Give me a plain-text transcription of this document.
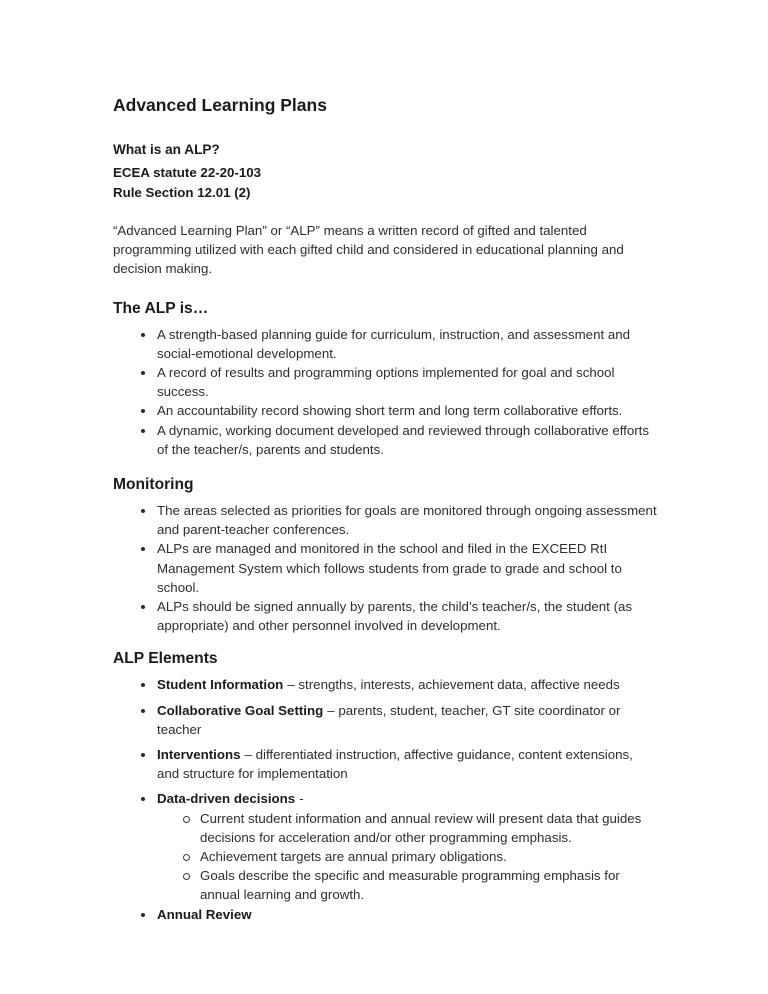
Advanced Learning Plans
What is an ALP?
ECEA statute 22-20-103
Rule Section 12.01 (2)

“Advanced Learning Plan” or “ALP” means a written record of gifted and talented programming utilized with each gifted child and considered in educational planning and decision making.

The ALP is…
A strength-based planning guide for curriculum, instruction, and assessment and social-emotional development.
A record of results and programming options implemented for goal and school success.
An accountability record showing short term and long term collaborative efforts.
A dynamic, working document developed and reviewed through collaborative efforts of the teacher/s, parents and students.
Monitoring
The areas selected as priorities for goals are monitored through ongoing assessment and parent-teacher conferences.
ALPs are managed and monitored in the school and filed in the EXCEED RtI Management System which follows students from grade to grade and school to school.
ALPs should be signed annually by parents, the child’s teacher/s, the student (as appropriate) and other personnel involved in development.
ALP Elements
Student Information – strengths, interests, achievement data, affective needs
Collaborative Goal Setting – parents, student, teacher, GT site coordinator or teacher
Interventions – differentiated instruction, affective guidance, content extensions, and structure for implementation
Data-driven decisions -
Current student information and annual review will present data that guides decisions for acceleration and/or other programming emphasis.
Achievement targets are annual primary obligations.
Goals describe the specific and measurable programming emphasis for annual learning and growth.
Annual Review
